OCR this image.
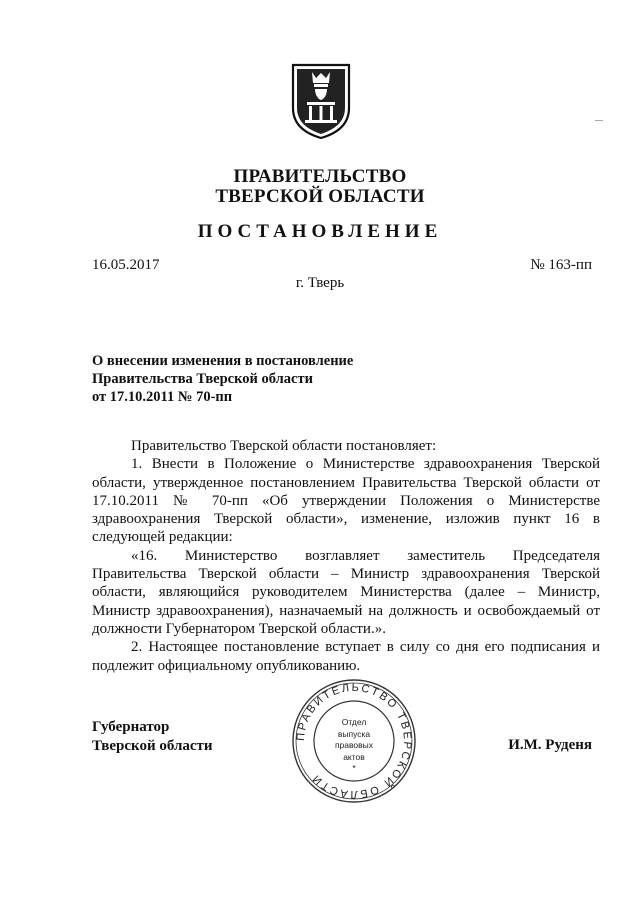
ПРАВИТЕЛЬСТВО
ТВЕРСКОЙ ОБЛАСТИ
ПОСТАНОВЛЕНИЕ
16.05.2017	№ 163-пп
г. Тверь
О внесении изменения в постановление
Правительства Тверской области
от 17.10.2011 № 70-пп

Правительство Тверской области постановляет:

1. Внести в Положение о Министерстве здравоохранения Тверской области, утвержденное постановлением Правительства Тверской области от 17.10.2011 № 70-пп «Об утверждении Положения о Министерстве здравоохранения Тверской области», изменение, изложив пункт 16 в следующей редакции:

«16. Министерство возглавляет заместитель Председателя Правительства Тверской области – Министр здравоохранения Тверской области, являющийся руководителем Министерства (далее – Министр, Министр здравоохранения), назначаемый на должность и освобождаемый от должности Губернатором Тверской области.».

2. Настоящее постановление вступает в силу со дня его подписания и подлежит официальному опубликованию.

Губернатор
Тверской области	И.М. Руденя
ПРАВИТЕЛЬСТВО ТВЕРСКОЙ ОБЛАСТИ
Отдел
выпуска
правовых
актов
*
